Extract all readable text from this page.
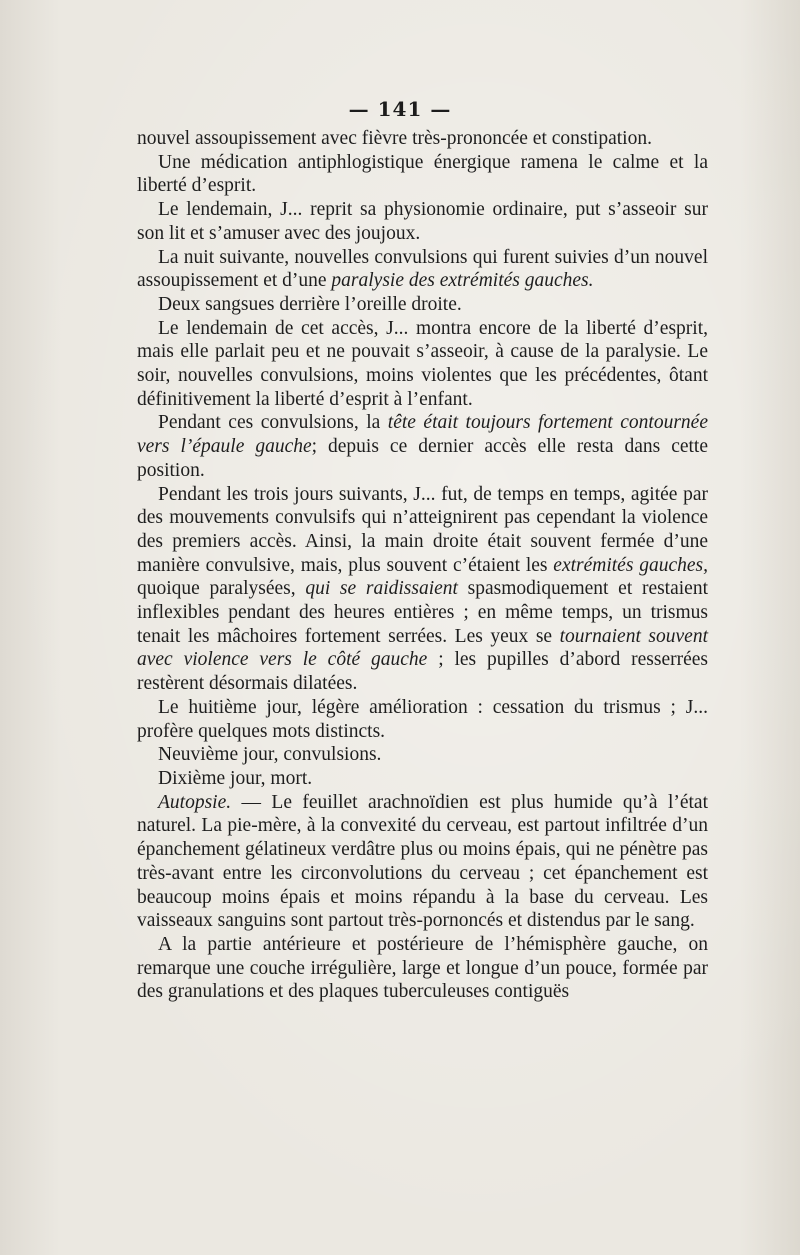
— 141 —

nouvel assoupissement avec fièvre très-prononcée et constipation.

Une médication antiphlogistique énergique ramena le calme et la liberté d’esprit.

Le lendemain, J... reprit sa physionomie ordinaire, put s’asseoir sur son lit et s’amuser avec des joujoux.

La nuit suivante, nouvelles convulsions qui furent suivies d’un nouvel assoupissement et d’une paralysie des extrémités gauches.

Deux sangsues derrière l’oreille droite.

Le lendemain de cet accès, J... montra encore de la liberté d’esprit, mais elle parlait peu et ne pouvait s’asseoir, à cause de la paralysie. Le soir, nouvelles convulsions, moins violentes que les précédentes, ôtant définitivement la liberté d’esprit à l’enfant.

Pendant ces convulsions, la tête était toujours fortement contournée vers l’épaule gauche; depuis ce dernier accès elle resta dans cette position.

Pendant les trois jours suivants, J... fut, de temps en temps, agitée par des mouvements convulsifs qui n’atteignirent pas cependant la violence des premiers accès. Ainsi, la main droite était souvent fermée d’une manière convulsive, mais, plus souvent c’étaient les extrémités gauches, quoique paralysées, qui se raidissaient spasmodiquement et restaient inflexibles pendant des heures entières ; en même temps, un trismus tenait les mâchoires fortement serrées. Les yeux se tournaient souvent avec violence vers le côté gauche ; les pupilles d’abord resserrées restèrent désormais dilatées.

Le huitième jour, légère amélioration : cessation du trismus ; J... profère quelques mots distincts.

Neuvième jour, convulsions.

Dixième jour, mort.

Autopsie. — Le feuillet arachnoïdien est plus humide qu’à l’état naturel. La pie-mère, à la convexité du cerveau, est partout infiltrée d’un épanchement gélatineux verdâtre plus ou moins épais, qui ne pénètre pas très-avant entre les circonvolutions du cerveau ; cet épanchement est beaucoup moins épais et moins répandu à la base du cerveau. Les vaisseaux sanguins sont partout très-pornoncés et distendus par le sang.

A la partie antérieure et postérieure de l’hémisphère gauche, on remarque une couche irrégulière, large et longue d’un pouce, formée par des granulations et des plaques tuberculeuses contiguës
